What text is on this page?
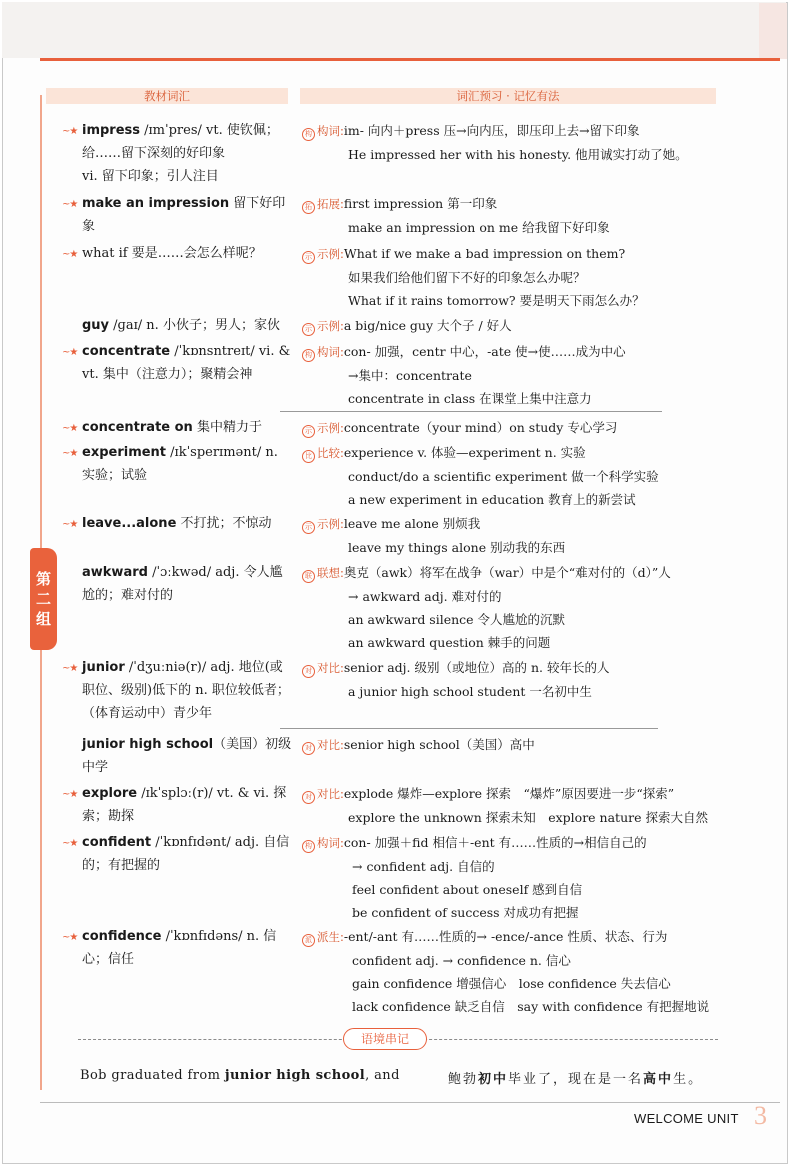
教材词汇	词汇预习 · 记忆有法
第
二
组
~★ impress /ɪmˈpres/ vt. 使钦佩；给……留下深刻的好印象
vi. 留下印象；引人注目
~★ make an impression 留下好印象
~★ what if 要是……会怎么样呢？
guy /ɡaɪ/ n. 小伙子；男人；家伙
~★ concentrate /ˈkɒnsntreɪt/ vi. & vt. 集中（注意力）；聚精会神
~★ concentrate on 集中精力于
~★ experiment /ɪkˈsperɪmənt/ n. 实验；试验
~★ leave...alone 不打扰；不惊动
awkward /ˈɔːkwəd/ adj. 令人尴尬的；难对付的
~★ junior /ˈdʒuːniə(r)/ adj. 地位(或职位、级别)低下的 n. 职位较低者；（体育运动中）青少年
junior high school（美国）初级中学
~★ explore /ɪkˈsplɔː(r)/ vt. & vi. 探索；勘探
~★ confident /ˈkɒnfɪdənt/ adj. 自信的；有把握的
~★ confidence /ˈkɒnfɪdəns/ n. 信心；信任
构 构词:im- 向内＋press 压→向内压，即压印上去→留下印象
He impressed her with his honesty. 他用诚实打动了她。
拓 拓展:first impression 第一印象
make an impression on me 给我留下好印象
示 示例:What if we make a bad impression on them?
如果我们给他们留下不好的印象怎么办呢？
What if it rains tomorrow? 要是明天下雨怎么办？
示 示例:a big/nice guy 大个子 / 好人
构 构词:con- 加强，centr 中心，-ate 使→使……成为中心
→集中：concentrate
concentrate in class 在课堂上集中注意力
示 示例:concentrate（your mind）on study 专心学习
比 比较:experience v. 体验—experiment n. 实验
conduct/do a scientific experiment 做一个科学实验
a new experiment in education 教育上的新尝试
示 示例:leave me alone 别烦我
leave my things alone 别动我的东西
联 联想:奥克（awk）将军在战争（war）中是个“难对付的（d）”人
→ awkward adj. 难对付的
an awkward silence 令人尴尬的沉默
an awkward question 棘手的问题
对 对比:senior adj. 级别（或地位）高的 n. 较年长的人
a junior high school student 一名初中生
对 对比:senior high school（美国）高中
对 对比:explode 爆炸—explore 探索　“爆炸”原因要进一步“探索”
explore the unknown 探索未知　explore nature 探索大自然
构 构词:con- 加强＋fid 相信＋-ent 有……性质的→相信自己的
→ confident adj. 自信的
feel confident about oneself 感到自信
be confident of success 对成功有把握
派 派生:-ent/-ant 有……性质的→ -ence/-ance 性质、状态、行为
confident adj. → confidence n. 信心
gain confidence 增强信心　lose confidence 失去信心
lack confidence 缺乏自信　say with confidence 有把握地说
语境串记
Bob graduated from junior high school, and	鲍勃初中毕业了，现在是一名高中生。
WELCOME UNIT 3
